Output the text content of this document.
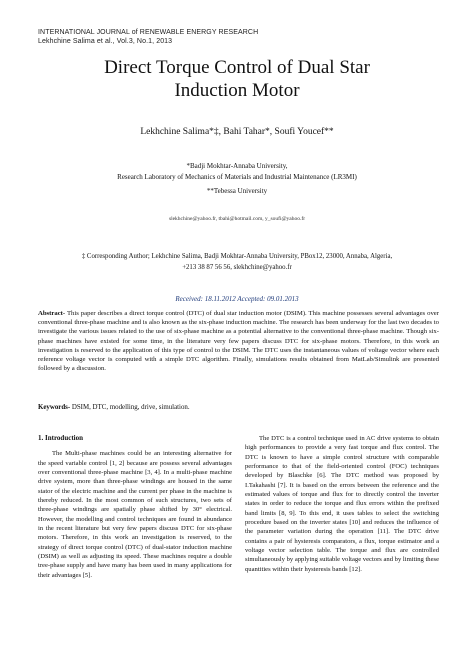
INTERNATIONAL JOURNAL of RENEWABLE ENERGY RESEARCH
Lekhchine Salima et al., Vol.3, No.1, 2013
Direct Torque Control of Dual Star
Induction Motor
Lekhchine Salima*‡, Bahi Tahar*, Soufi Youcef**
*Badji Mokhtar-Annaba University,
Research Laboratory of Mechanics of Materials and Industrial Maintenance (LR3MI)
**Tebessa University
slekhchine@yahoo.fr, tbahi@hotmail.com, y_soufi@yahoo.fr
‡ Corresponding Author; Lekhchine Salima, Badji Mokhtar-Annaba University, PBox12, 23000, Annaba, Algeria,
+213 38 87 56 56, slekhchine@yahoo.fr
Received: 18.11.2012 Accepted: 09.01.2013
Abstract- This paper describes a direct torque control (DTC) of dual star induction motor (DSIM). This machine possesses several advantages over conventional three-phase machine and is also known as the six-phase induction machine. The research has been underway for the last two decades to investigate the various issues related to the use of six-phase machine as a potential alternative to the conventional three-phase machine. Though six-phase machines have existed for some time, in the literature very few papers discuss DTC for six-phase motors. Therefore, in this work an investigation is reserved to the application of this type of control to the DSIM. The DTC uses the instantaneous values of voltage vector where each reference voltage vector is computed with a simple DTC algorithm. Finally, simulations results obtained from MatLab/Simulink are presented followed by a discussion.
Keywords- DSIM, DTC, modelling, drive, simulation.
1. Introduction
The Multi-phase machines could be an interesting alternative for the speed variable control [1, 2] because are possess several advantages over conventional three-phase machine [3, 4]. In a multi-phase machine drive system, more than three-phase windings are housed in the same stator of the electric machine and the current per phase in the machine is thereby reduced. In the most common of such structures, two sets of three-phase windings are spatially phase shifted by 30° electrical. However, the modelling and control techniques are found in abundance in the recent literature but very few papers discuss DTC for six-phase motors. Therefore, in this work an investigation is reserved, to the strategy of direct torque control (DTC) of dual-stator induction machine (DSIM) as well as adjusting its speed. These machines require a double tree-phase supply and have many has been used in many applications for their advantages [5].
The DTC is a control technique used in AC drive systems to obtain high performances to provide a very fast torque and flux control. The DTC is known to have a simple control structure with comparable performance to that of the field-oriented control (FOC) techniques developed by Blaschke [6]. The DTC method was proposed by I.Takahashi [7]. It is based on the errors between the reference and the estimated values of torque and flux for to directly control the inverter states in order to reduce the torque and flux errors within the prefixed band limits [8, 9]. To this end, it uses tables to select the switching procedure based on the inverter states [10] and reduces the influence of the parameter variation during the operation [11]. The DTC drive contains a pair of hysteresis comparators, a flux, torque estimator and a voltage vector selection table. The torque and flux are controlled simultaneously by applying suitable voltage vectors and by limiting these quantities within their hysteresis bands [12].
